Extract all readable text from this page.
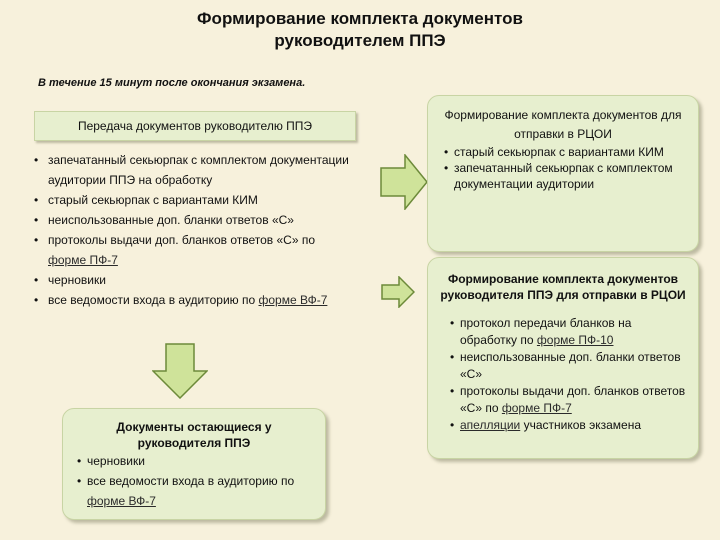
Формирование комплекта документов
руководителем ППЭ
В течение 15 минут после окончания экзамена.
Передача документов руководителю ППЭ
• запечатанный секьюрпак с комплектом документации аудитории ППЭ на обработку
• старый секьюрпак с вариантами КИМ
• неиспользованные доп. бланки ответов «С»
• протоколы выдачи доп. бланков ответов «С» по форме ПФ-7
• черновики
• все ведомости входа в аудиторию по форме ВФ-7
Формирование комплекта документов для отправки в РЦОИ
• старый секьюрпак с вариантами КИМ
• запечатанный секьюрпак с комплектом документации аудитории
Формирование комплекта документов руководителя ППЭ для отправки в РЦОИ
• протокол передачи бланков на обработку по форме ПФ-10
• неиспользованные доп. бланки ответов «С»
• протоколы выдачи доп. бланков ответов «С» по форме ПФ-7
• апелляции участников экзамена
Документы остающиеся у руководителя ППЭ
• черновики
• все ведомости входа в аудиторию по форме ВФ-7
